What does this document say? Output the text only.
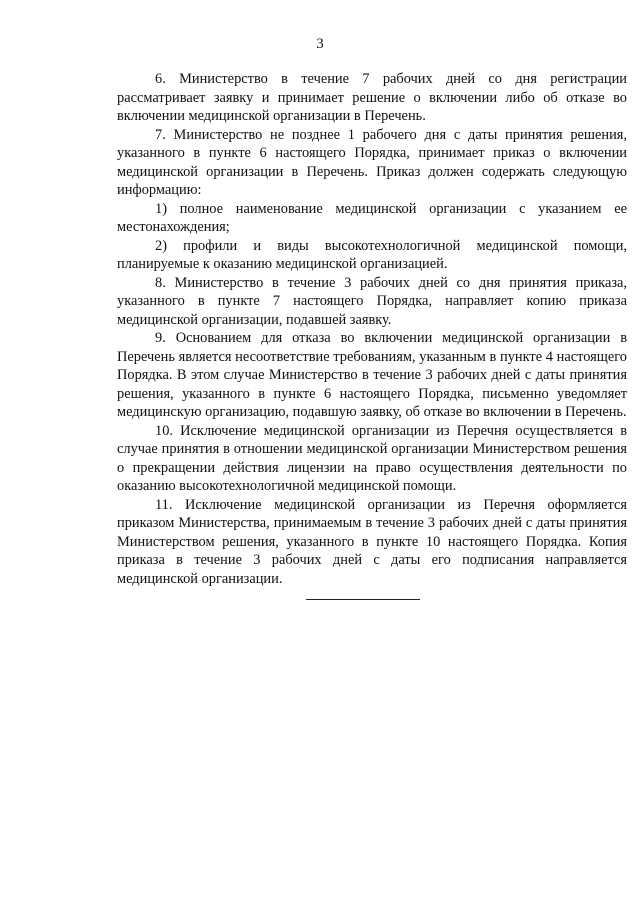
3

6. Министерство в течение 7 рабочих дней со дня регистрации рассматривает заявку и принимает решение о включении либо об отказе во включении медицинской организации в Перечень.

7. Министерство не позднее 1 рабочего дня с даты принятия решения, указанного в пункте 6 настоящего Порядка, принимает приказ о включении медицинской организации в Перечень. Приказ должен содержать следующую информацию:

1) полное наименование медицинской организации с указанием ее местонахождения;

2) профили и виды высокотехнологичной медицинской помощи, планируемые к оказанию медицинской организацией.

8. Министерство в течение 3 рабочих дней со дня принятия приказа, указанного в пункте 7 настоящего Порядка, направляет копию приказа медицинской организации, подавшей заявку.

9. Основанием для отказа во включении медицинской организации в Перечень является несоответствие требованиям, указанным в пункте 4 настоящего Порядка. В этом случае Министерство в течение 3 рабочих дней с даты принятия решения, указанного в пункте 6 настоящего Порядка, письменно уведомляет медицинскую организацию, подавшую заявку, об отказе во включении в Перечень.

10. Исключение медицинской организации из Перечня осуществляется в случае принятия в отношении медицинской организации Министерством решения о прекращении действия лицензии на право осуществления деятельности по оказанию высокотехнологичной медицинской помощи.

11. Исключение медицинской организации из Перечня оформляется приказом Министерства, принимаемым в течение 3 рабочих дней с даты принятия Министерством решения, указанного в пункте 10 настоящего Порядка. Копия приказа в течение 3 рабочих дней с даты его подписания направляется медицинской организации.
